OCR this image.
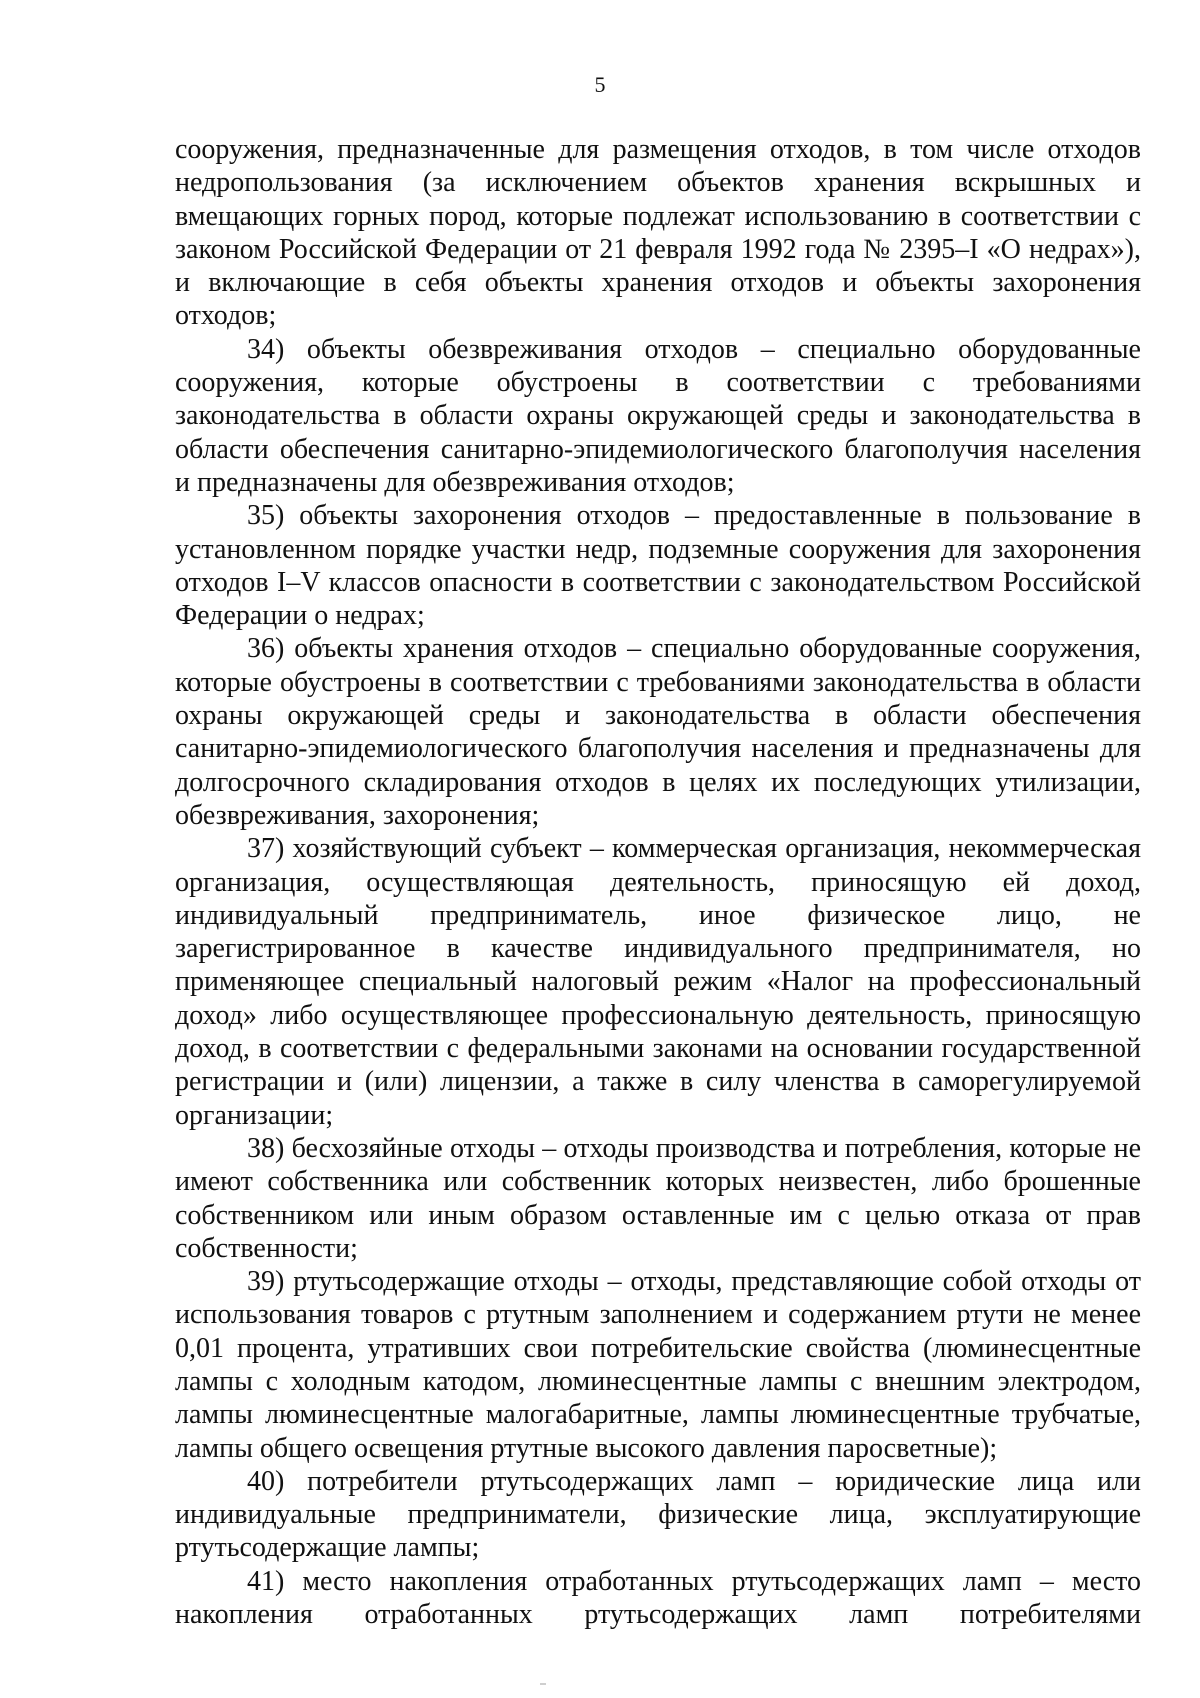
5

сооружения, предназначенные для размещения отходов, в том числе отходов недропользования (за исключением объектов хранения вскрышных и вмещающих горных пород, которые подлежат использованию в соответствии с законом Российской Федерации от 21 февраля 1992 года № 2395–I «О недрах»), и включающие в себя объекты хранения отходов и объекты захоронения отходов;

34) объекты обезвреживания отходов – специально оборудованные сооружения, которые обустроены в соответствии с требованиями законодательства в области охраны окружающей среды и законодательства в области обеспечения санитарно-эпидемиологического благополучия населения и предназначены для обезвреживания отходов;

35) объекты захоронения отходов – предоставленные в пользование в установленном порядке участки недр, подземные сооружения для захоронения отходов I–V классов опасности в соответствии с законодательством Российской Федерации о недрах;

36) объекты хранения отходов – специально оборудованные сооружения, которые обустроены в соответствии с требованиями законодательства в области охраны окружающей среды и законодательства в области обеспечения санитарно-эпидемиологического благополучия населения и предназначены для долгосрочного складирования отходов в целях их последующих утилизации, обезвреживания, захоронения;

37) хозяйствующий субъект – коммерческая организация, некоммерческая организация, осуществляющая деятельность, приносящую ей доход, индивидуальный предприниматель, иное физическое лицо, не зарегистрированное в качестве индивидуального предпринимателя, но применяющее специальный налоговый режим «Налог на профессиональный доход» либо осуществляющее профессиональную деятельность, приносящую доход, в соответствии с федеральными законами на основании государственной регистрации и (или) лицензии, а также в силу членства в саморегулируемой организации;

38) бесхозяйные отходы – отходы производства и потребления, которые не имеют собственника или собственник которых неизвестен, либо брошенные собственником или иным образом оставленные им с целью отказа от прав собственности;

39) ртутьсодержащие отходы – отходы, представляющие собой отходы от использования товаров с ртутным заполнением и содержанием ртути не менее 0,01 процента, утративших свои потребительские свойства (люминесцентные лампы с холодным катодом, люминесцентные лампы с внешним электродом, лампы люминесцентные малогабаритные, лампы люминесцентные трубчатые, лампы общего освещения ртутные высокого давления паросветные);

40) потребители ртутьсодержащих ламп – юридические лица или индивидуальные предприниматели, физические лица, эксплуатирующие ртутьсодержащие лампы;

41) место накопления отработанных ртутьсодержащих ламп – место накопления отработанных ртутьсодержащих ламп потребителями
